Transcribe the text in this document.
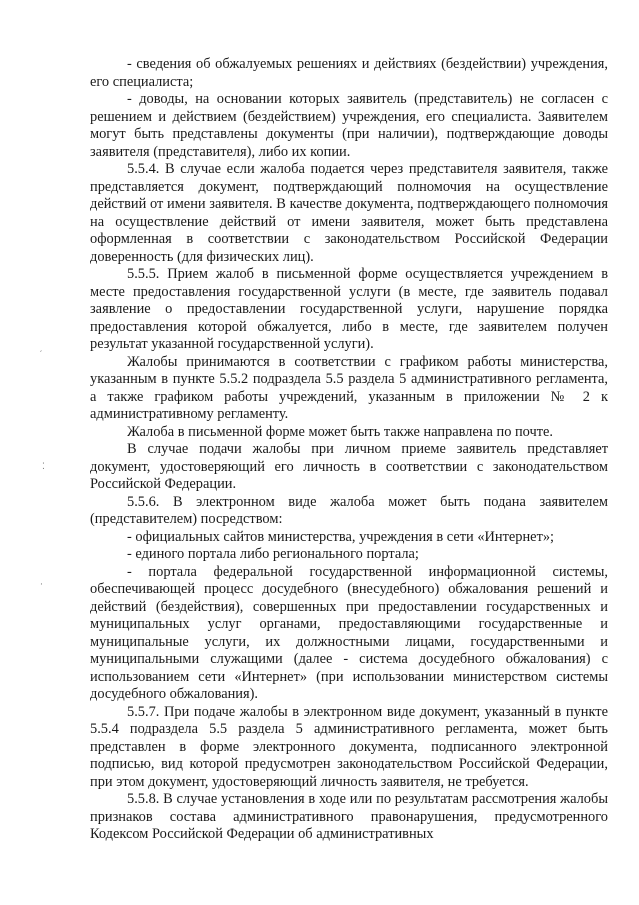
- сведения об обжалуемых решениях и действиях (бездействии) учреждения, его специалиста;

- доводы, на основании которых заявитель (представитель) не согласен с решением и действием (бездействием) учреждения, его специалиста. Заявителем могут быть представлены документы (при наличии), подтверждающие доводы заявителя (представителя), либо их копии.

5.5.4. В случае если жалоба подается через представителя заявителя, также представляется документ, подтверждающий полномочия на осуществление действий от имени заявителя. В качестве документа, подтверждающего полномочия на осуществление действий от имени заявителя, может быть представлена оформленная в соответствии с законодательством Российской Федерации доверенность (для физических лиц).

5.5.5. Прием жалоб в письменной форме осуществляется учреждением в месте предоставления государственной услуги (в месте, где заявитель подавал заявление о предоставлении государственной услуги, нарушение порядка предоставления которой обжалуется, либо в месте, где заявителем получен результат указанной государственной услуги).

Жалобы принимаются в соответствии с графиком работы министерства, указанным в пункте 5.5.2 подраздела 5.5 раздела 5 административного регламента, а также графиком работы учреждений, указанным в приложении № 2 к административному регламенту.

Жалоба в письменной форме может быть также направлена по почте.

В случае подачи жалобы при личном приеме заявитель представляет документ, удостоверяющий его личность в соответствии с законодательством Российской Федерации.

5.5.6. В электронном виде жалоба может быть подана заявителем (представителем) посредством:

- официальных сайтов министерства, учреждения в сети «Интернет»;

- единого портала либо регионального портала;

- портала федеральной государственной информационной системы, обеспечивающей процесс досудебного (внесудебного) обжалования решений и действий (бездействия), совершенных при предоставлении государственных и муниципальных услуг органами, предоставляющими государственные и муниципальные услуги, их должностными лицами, государственными и муниципальными служащими (далее - система досудебного обжалования) с использованием сети «Интернет» (при использовании министерством системы досудебного обжалования).

5.5.7. При подаче жалобы в электронном виде документ, указанный в пункте 5.5.4 подраздела 5.5 раздела 5 административного регламента, может быть представлен в форме электронного документа, подписанного электронной подписью, вид которой предусмотрен законодательством Российской Федерации, при этом документ, удостоверяющий личность заявителя, не требуется.

5.5.8. В случае установления в ходе или по результатам рассмотрения жалобы признаков состава административного правонарушения, предусмотренного Кодексом Российской Федерации об административных

′
⁚
·
